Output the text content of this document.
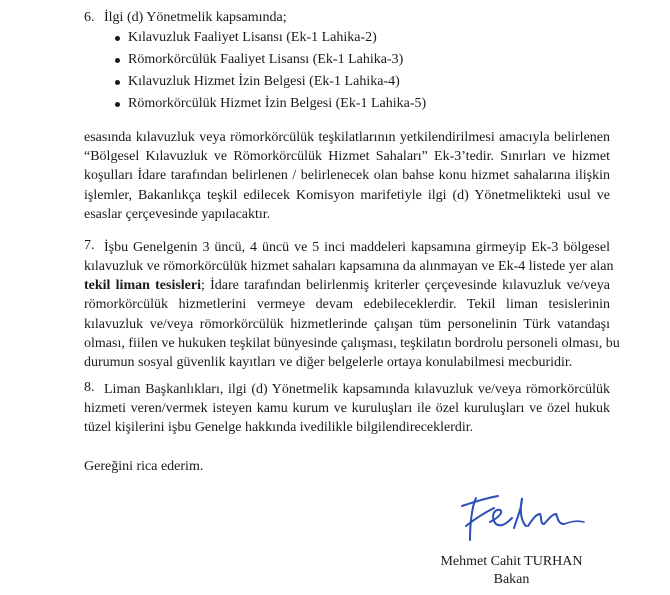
6. İlgi (d) Yönetmelik kapsamında;
Kılavuzluk Faaliyet Lisansı (Ek-1 Lahika-2)
Römorkörcülük Faaliyet Lisansı (Ek-1 Lahika-3)
Kılavuzluk Hizmet İzin Belgesi (Ek-1 Lahika-4)
Römorkörcülük Hizmet İzin Belgesi (Ek-1 Lahika-5)
esasında kılavuzluk veya römorkörcülük teşkilatlarının yetkilendirilmesi amacıyla belirlenen
“Bölgesel Kılavuzluk ve Römorkörcülük Hizmet Sahaları” Ek-3’tedir. Sınırları ve hizmet
koşulları İdare tarafından belirlenen / belirlenecek olan bahse konu hizmet sahalarına ilişkin
işlemler, Bakanlıkça teşkil edilecek Komisyon marifetiyle ilgi (d) Yönetmelikteki usul ve
esaslar çerçevesinde yapılacaktır.
7. İşbu Genelgenin 3 üncü, 4 üncü ve 5 inci maddeleri kapsamına girmeyip Ek-3 bölgesel
kılavuzluk ve römorkörcülük hizmet sahaları kapsamına da alınmayan ve Ek-4 listede yer alan
tekil liman tesisleri; İdare tarafından belirlenmiş kriterler çerçevesinde kılavuzluk ve/veya
römorkörcülük hizmetlerini vermeye devam edebileceklerdir. Tekil liman tesislerinin
kılavuzluk ve/veya römorkörcülük hizmetlerinde çalışan tüm personelinin Türk vatandaşı
olması, fiilen ve hukuken teşkilat bünyesinde çalışması, teşkilatın bordrolu personeli olması, bu
durumun sosyal güvenlik kayıtları ve diğer belgelerle ortaya konulabilmesi mecburidir.
8. Liman Başkanlıkları, ilgi (d) Yönetmelik kapsamında kılavuzluk ve/veya römorkörcülük
hizmeti veren/vermek isteyen kamu kurum ve kuruluşları ile özel kuruluşları ve özel hukuk
tüzel kişilerini işbu Genelge hakkında ivedilikle bilgilendireceklerdir.
Gereğini rica ederim.
Mehmet Cahit TURHAN
Bakan
